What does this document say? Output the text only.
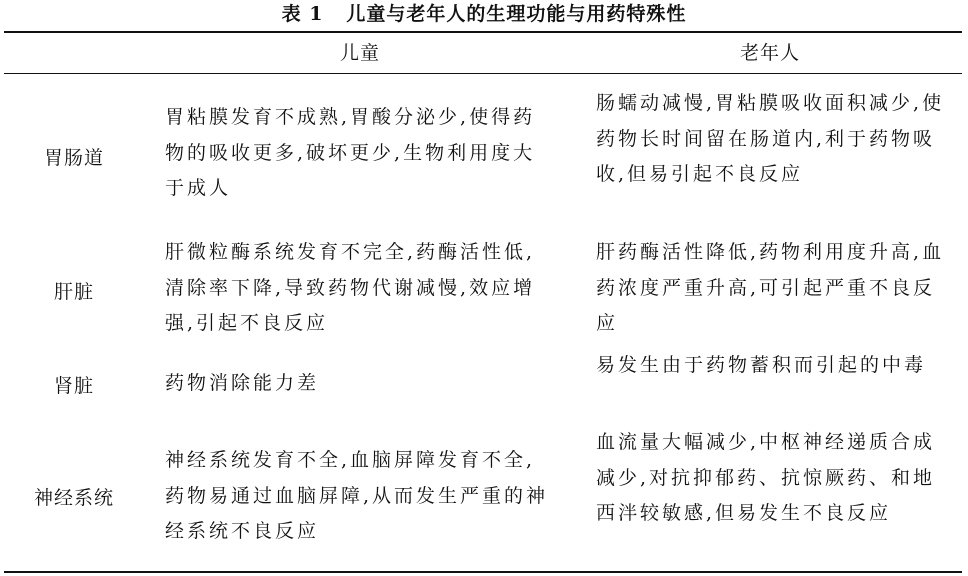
表 1   儿童与老年人的生理功能与用药特殊性
儿童	老年人
胃肠道
胃粘膜发育不成熟,胃酸分泌少,使得药物的吸收更多,破坏更少,生物利用度大于成人
肠蠕动减慢,胃粘膜吸收面积减少,使药物长时间留在肠道内,利于药物吸收,但易引起不良反应
肝脏
肝微粒酶系统发育不完全,药酶活性低,清除率下降,导致药物代谢减慢,效应增强,引起不良反应
肝药酶活性降低,药物利用度升高,血药浓度严重升高,可引起严重不良反应
肾脏	药物消除能力差
易发生由于药物蓄积而引起的中毒
神经系统
神经系统发育不全,血脑屏障发育不全,药物易通过血脑屏障,从而发生严重的神经系统不良反应
血流量大幅减少,中枢神经递质合成减少,对抗抑郁药、抗惊厥药、和地西泮较敏感,但易发生不良反应
